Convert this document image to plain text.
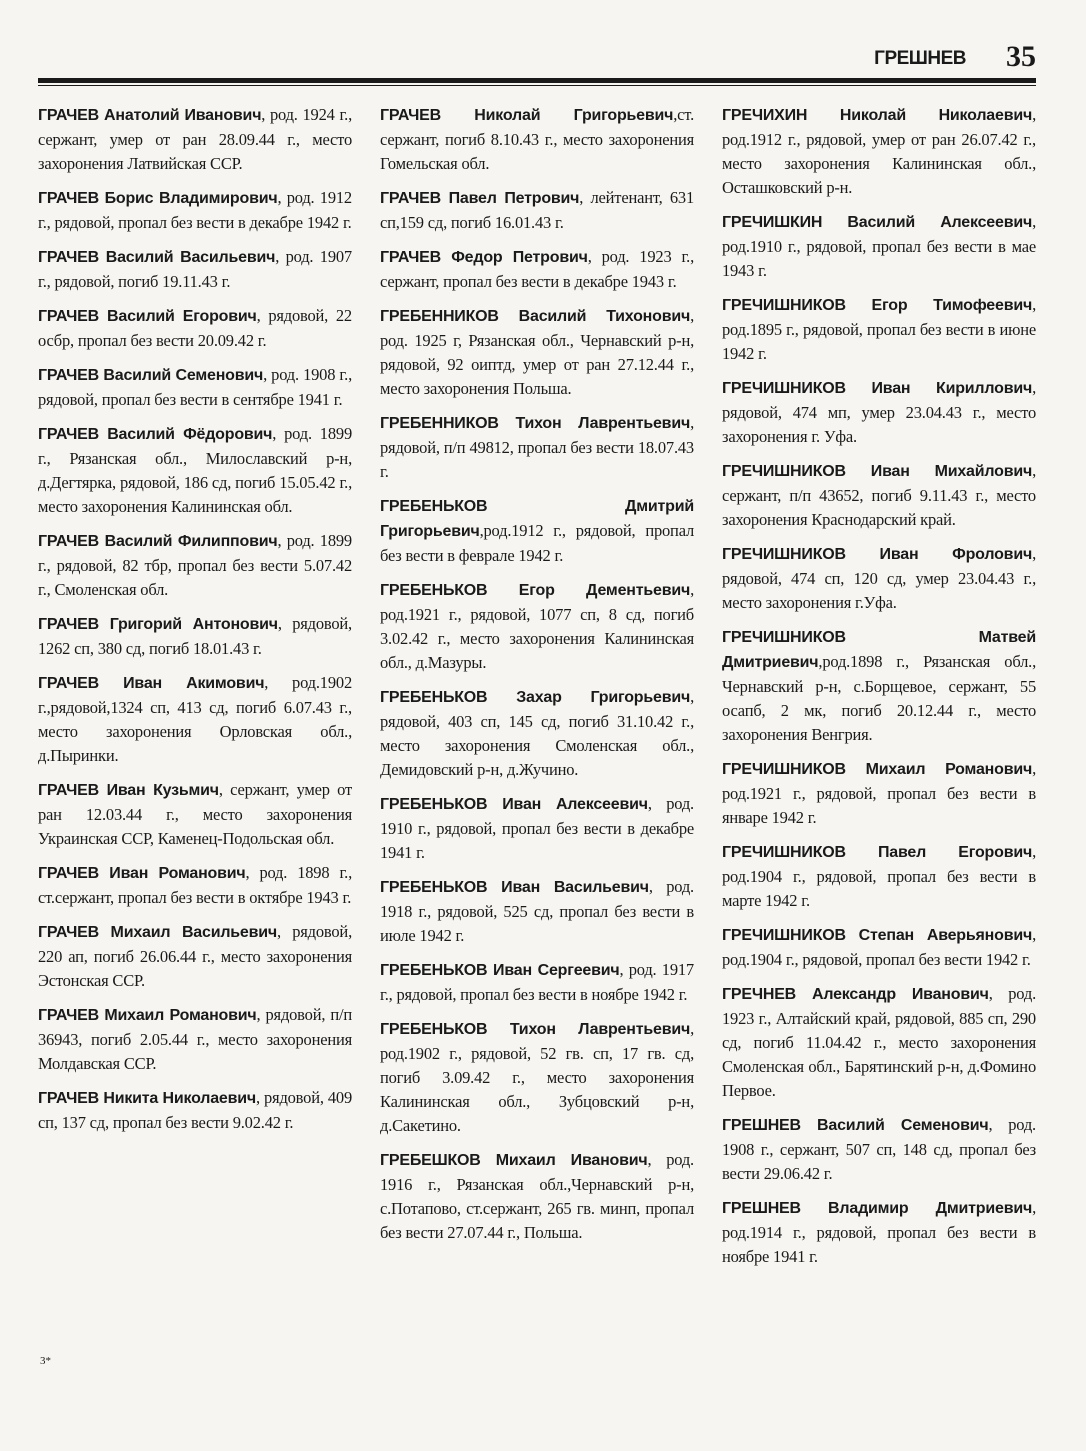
ГРЕШНЕВ 35

ГРАЧЕВ Анатолий Иванович, род. 1924 г., сержант, умер от ран 28.09.44 г., место захоронения Латвийская ССР.

ГРАЧЕВ Борис Владимирович, род. 1912 г., рядовой, пропал без вести в декабре 1942 г.

ГРАЧЕВ Василий Васильевич, род. 1907 г., рядовой, погиб 19.11.43 г.

ГРАЧЕВ Василий Егорович, рядовой, 22 осбр, пропал без вести 20.09.42 г.

ГРАЧЕВ Василий Семенович, род. 1908 г., рядовой, пропал без вести в сентябре 1941 г.

ГРАЧЕВ Василий Фёдорович, род. 1899 г., Рязанская обл., Милославский р-н, д.Дегтярка, рядовой, 186 сд, погиб 15.05.42 г., место захоронения Калининская обл.

ГРАЧЕВ Василий Филиппович, род. 1899 г., рядовой, 82 тбр, пропал без вести 5.07.42 г., Смоленская обл.

ГРАЧЕВ Григорий Антонович, рядовой, 1262 сп, 380 сд, погиб 18.01.43 г.

ГРАЧЕВ Иван Акимович, род.1902 г.,рядовой,1324 сп, 413 сд, погиб 6.07.43 г., место захоронения Орловская обл., д.Пыринки.

ГРАЧЕВ Иван Кузьмич, сержант, умер от ран 12.03.44 г., место захоронения Украинская ССР, Каменец-Подольская обл.

ГРАЧЕВ Иван Романович, род. 1898 г., ст.сержант, пропал без вести в октябре 1943 г.

ГРАЧЕВ Михаил Васильевич, рядовой, 220 ап, погиб 26.06.44 г., место захоронения Эстонская ССР.

ГРАЧЕВ Михаил Романович, рядовой, п/п 36943, погиб 2.05.44 г., место захоронения Молдавская ССР.

ГРАЧЕВ Никита Николаевич, рядовой, 409 сп, 137 сд, пропал без вести 9.02.42 г.

ГРАЧЕВ Николай Григорьевич,ст. сержант, погиб 8.10.43 г., место захоронения Гомельская обл.

ГРАЧЕВ Павел Петрович, лейтенант, 631 сп,159 сд, погиб 16.01.43 г.

ГРАЧЕВ Федор Петрович, род. 1923 г., сержант, пропал без вести в декабре 1943 г.

ГРЕБЕННИКОВ Василий Тихонович, род. 1925 г, Рязанская обл., Чернавский р-н, рядовой, 92 оиптд, умер от ран 27.12.44 г., место захоронения Польша.

ГРЕБЕННИКОВ Тихон Лаврентьевич, рядовой, п/п 49812, пропал без вести 18.07.43 г.

ГРЕБЕНЬКОВ Дмитрий Григорьевич,род.1912 г., рядовой, пропал без вести в феврале 1942 г.

ГРЕБЕНЬКОВ Егор Дементьевич, род.1921 г., рядовой, 1077 сп, 8 сд, погиб 3.02.42 г., место захоронения Калининская обл., д.Мазуры.

ГРЕБЕНЬКОВ Захар Григорьевич, рядовой, 403 сп, 145 сд, погиб 31.10.42 г., место захоронения Смоленская обл., Демидовский р-н, д.Жучино.

ГРЕБЕНЬКОВ Иван Алексеевич, род. 1910 г., рядовой, пропал без вести в декабре 1941 г.

ГРЕБЕНЬКОВ Иван Васильевич, род. 1918 г., рядовой, 525 сд, пропал без вести в июле 1942 г.

ГРЕБЕНЬКОВ Иван Сергеевич, род. 1917 г., рядовой, пропал без вести в ноябре 1942 г.

ГРЕБЕНЬКОВ Тихон Лаврентьевич, род.1902 г., рядовой, 52 гв. сп, 17 гв. сд, погиб 3.09.42 г., место захоронения Калининская обл., Зубцовский р-н, д.Сакетино.

ГРЕБЕШКОВ Михаил Иванович, род. 1916 г., Рязанская обл.,Чернавский р-н, с.Потапово, ст.сержант, 265 гв. минп, пропал без вести 27.07.44 г., Польша.

ГРЕЧИХИН Николай Николаевич, род.1912 г., рядовой, умер от ран 26.07.42 г., место захоронения Калининская обл., Осташковский р-н.

ГРЕЧИШКИН Василий Алексеевич, род.1910 г., рядовой, пропал без вести в мае 1943 г.

ГРЕЧИШНИКОВ Егор Тимофеевич, род.1895 г., рядовой, пропал без вести в июне 1942 г.

ГРЕЧИШНИКОВ Иван Кириллович, рядовой, 474 мп, умер 23.04.43 г., место захоронения г. Уфа.

ГРЕЧИШНИКОВ Иван Михайлович, сержант, п/п 43652, погиб 9.11.43 г., место захоронения Краснодарский край.

ГРЕЧИШНИКОВ Иван Фролович, рядовой, 474 сп, 120 сд, умер 23.04.43 г., место захоронения г.Уфа.

ГРЕЧИШНИКОВ Матвей Дмитриевич,род.1898 г., Рязанская обл., Чернавский р-н, с.Борщевое, сержант, 55 осапб, 2 мк, погиб 20.12.44 г., место захоронения Венгрия.

ГРЕЧИШНИКОВ Михаил Романович, род.1921 г., рядовой, пропал без вести в январе 1942 г.

ГРЕЧИШНИКОВ Павел Егорович, род.1904 г., рядовой, пропал без вести в марте 1942 г.

ГРЕЧИШНИКОВ Степан Аверьянович, род.1904 г., рядовой, пропал без вести 1942 г.

ГРЕЧНЕВ Александр Иванович, род. 1923 г., Алтайский край, рядовой, 885 сп, 290 сд, погиб 11.04.42 г., место захоронения Смоленская обл., Барятинский р-н, д.Фомино Первое.

ГРЕШНЕВ Василий Семенович, род. 1908 г., сержант, 507 сп, 148 сд, пропал без вести 29.06.42 г.

ГРЕШНЕВ Владимир Дмитриевич, род.1914 г., рядовой, пропал без вести в ноябре 1941 г.

3*
